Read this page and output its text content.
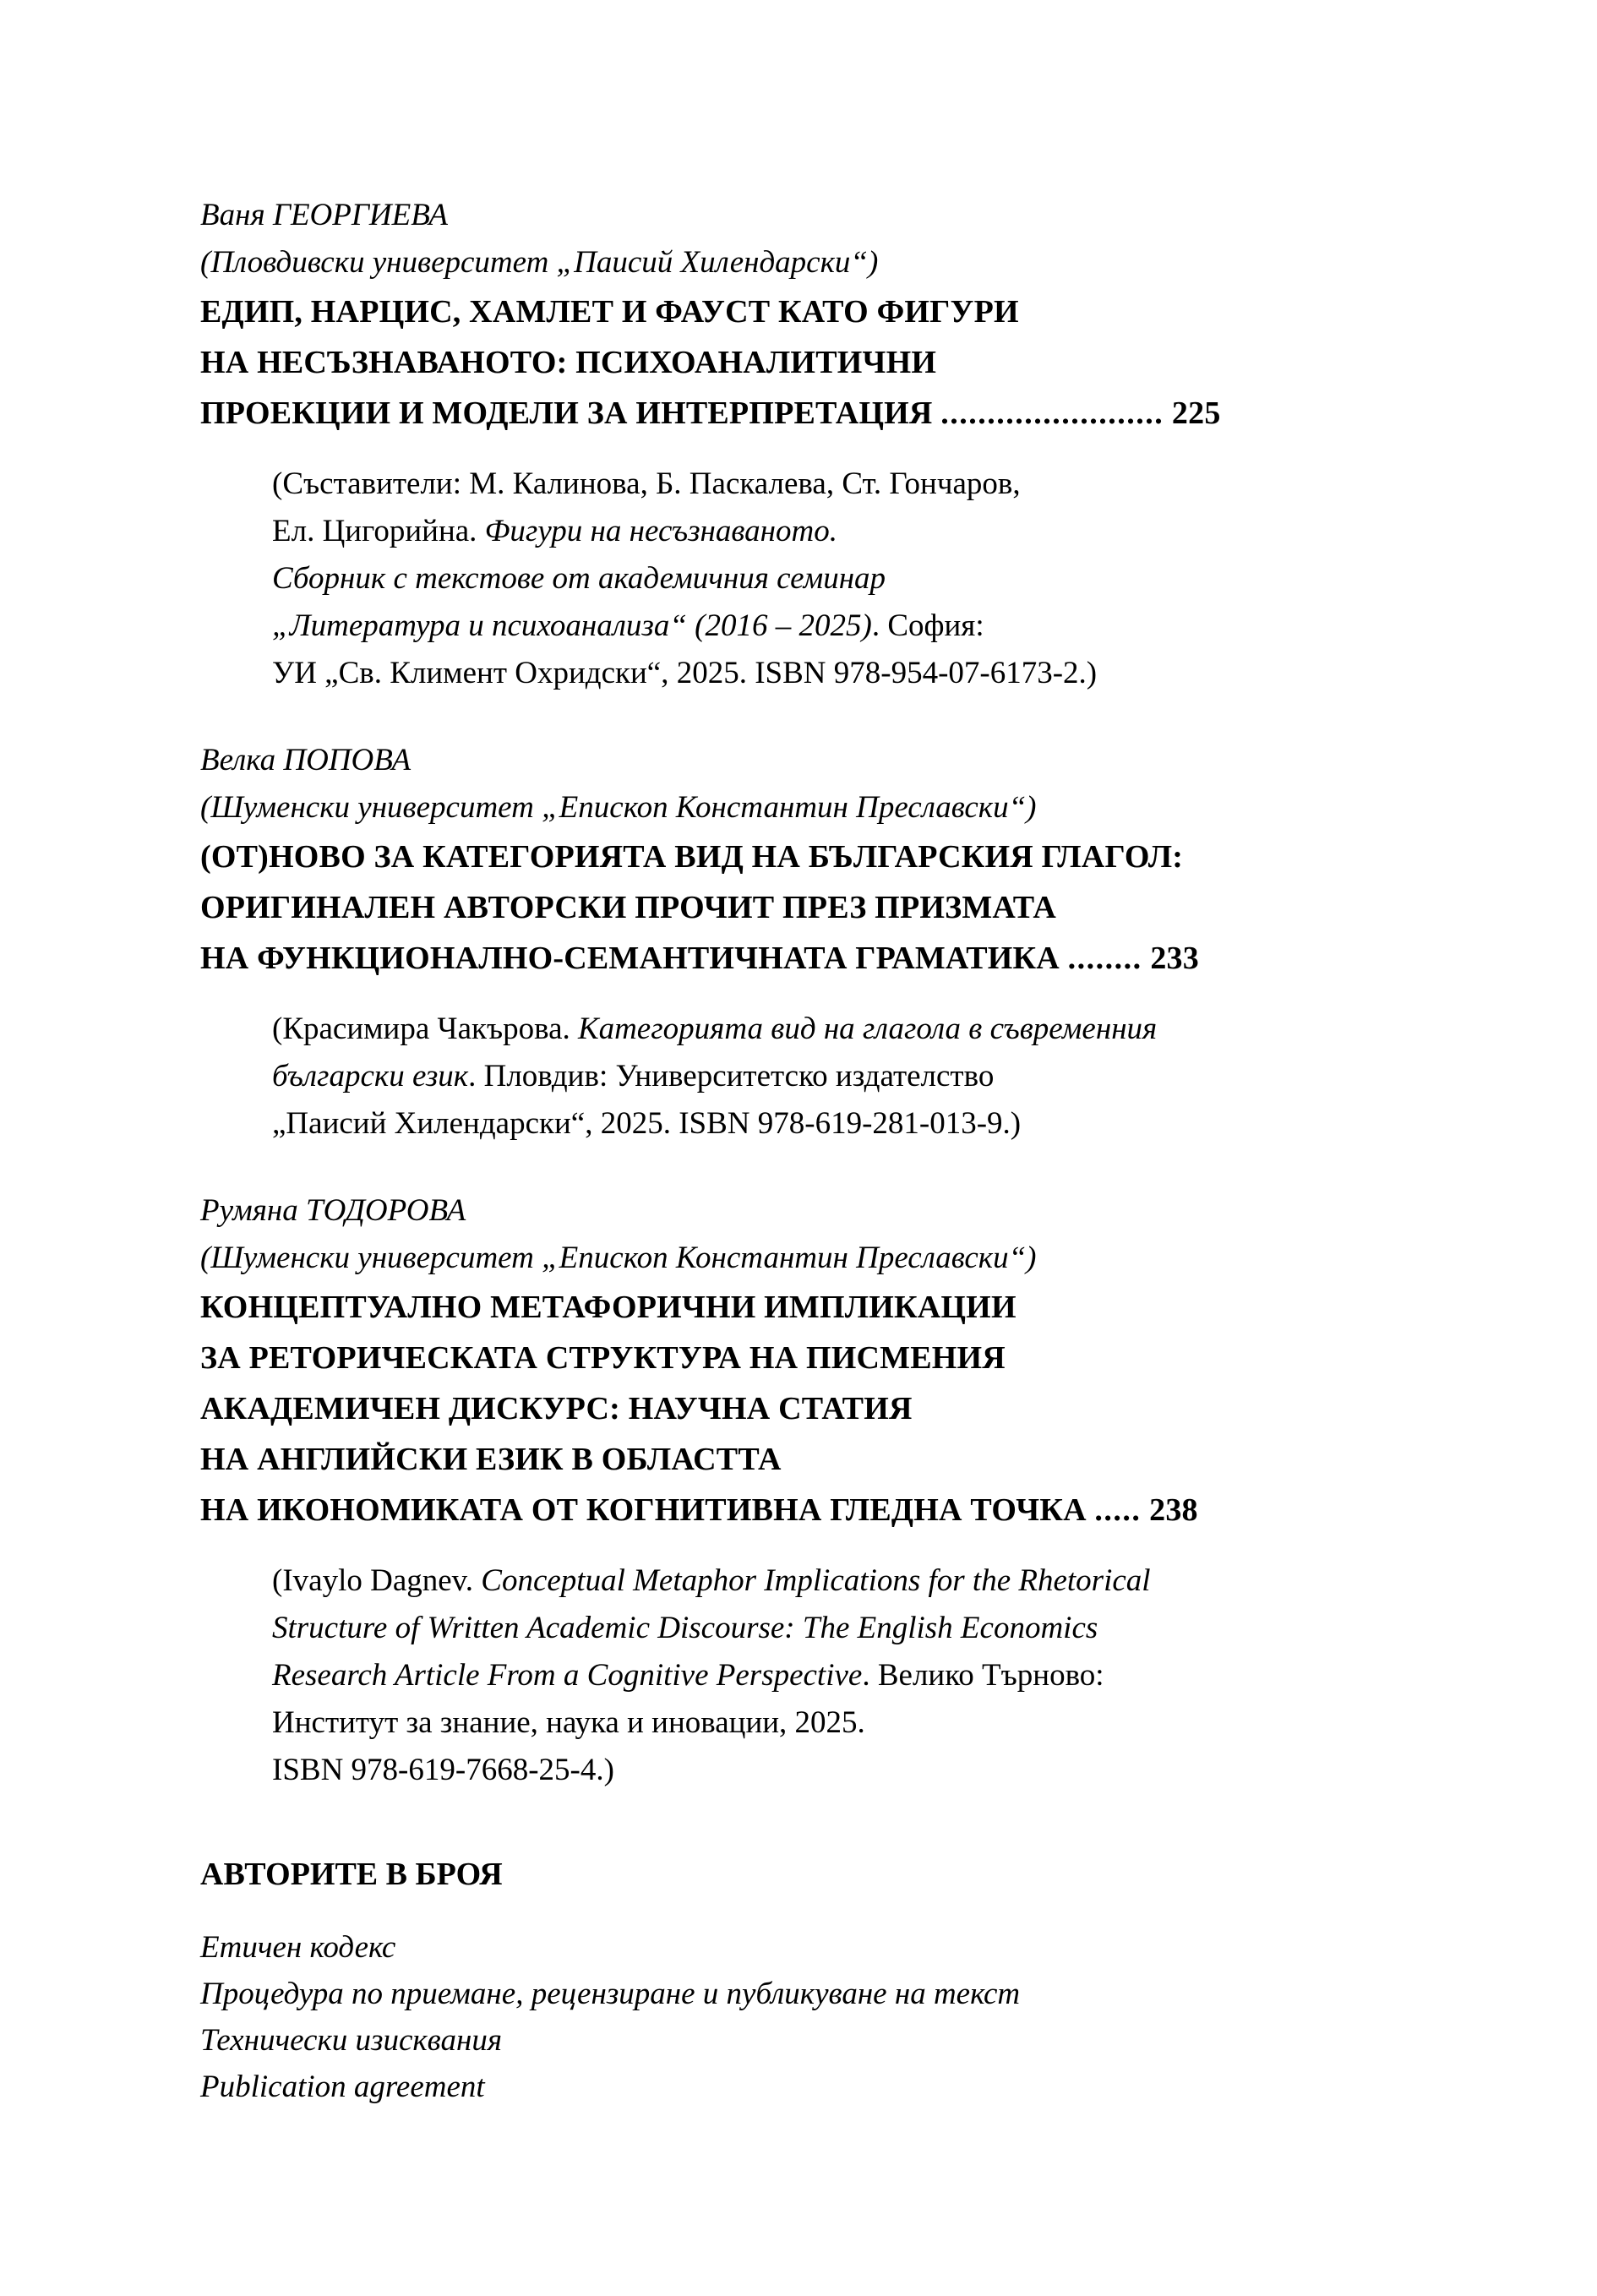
Ваня ГЕОРГИЕВА
(Пловдивски университет „Паисий Хилендарски“)
ЕДИП, НАРЦИС, ХАМЛЕТ И ФАУСТ КАТО ФИГУРИ
НА НЕСЪЗНАВАНОТО: ПСИХОАНАЛИТИЧНИ
ПРОЕКЦИИ И МОДЕЛИ ЗА ИНТЕРПРЕТАЦИЯ ........................ 225
(Съставители: М. Калинова, Б. Паскалева, Ст. Гончаров,
Ел. Цигорийна. Фигури на несъзнаваното.
Сборник с текстове от академичния семинар
„Литература и психоанализа“ (2016 – 2025). София:
УИ „Св. Климент Охридски“, 2025. ISBN 978-954-07-6173-2.)
Велка ПОПОВА
(Шуменски университет „Епископ Константин Преславски“)
(ОТ)НОВО ЗА КАТЕГОРИЯТА ВИД НА БЪЛГАРСКИЯ ГЛАГОЛ:
ОРИГИНАЛЕН АВТОРСКИ ПРОЧИТ ПРЕЗ ПРИЗМАТА
НА ФУНКЦИОНАЛНО-СЕМАНТИЧНАТА ГРАМАТИКА ........ 233
(Красимира Чакърова. Категорията вид на глагола в съвременния
български език. Пловдив: Университетско издателство
„Паисий Хилендарски“, 2025. ISBN 978-619-281-013-9.)
Румяна ТОДОРОВА
(Шуменски университет „Епископ Константин Преславски“)
КОНЦЕПТУАЛНО МЕТАФОРИЧНИ ИМПЛИКАЦИИ
ЗА РЕТОРИЧЕСКАТА СТРУКТУРА НА ПИСМЕНИЯ
АКАДЕМИЧЕН ДИСКУРС: НАУЧНА СТАТИЯ
НА АНГЛИЙСКИ ЕЗИК В ОБЛАСТТА
НА ИКОНОМИКАТА ОТ КОГНИТИВНА ГЛЕДНА ТОЧКА ..... 238
(Ivaylo Dagnev. Conceptual Metaphor Implications for the Rhetorical
Structure of Written Academic Discourse: The English Economics
Research Article From a Cognitive Perspective. Велико Търново:
Институт за знание, наука и иновации, 2025.
ISBN 978-619-7668-25-4.)
АВТОРИТЕ В БРОЯ
Етичен кодекс
Процедура по приемане, рецензиране и публикуване на текст
Технически изисквания
Publication agreement
